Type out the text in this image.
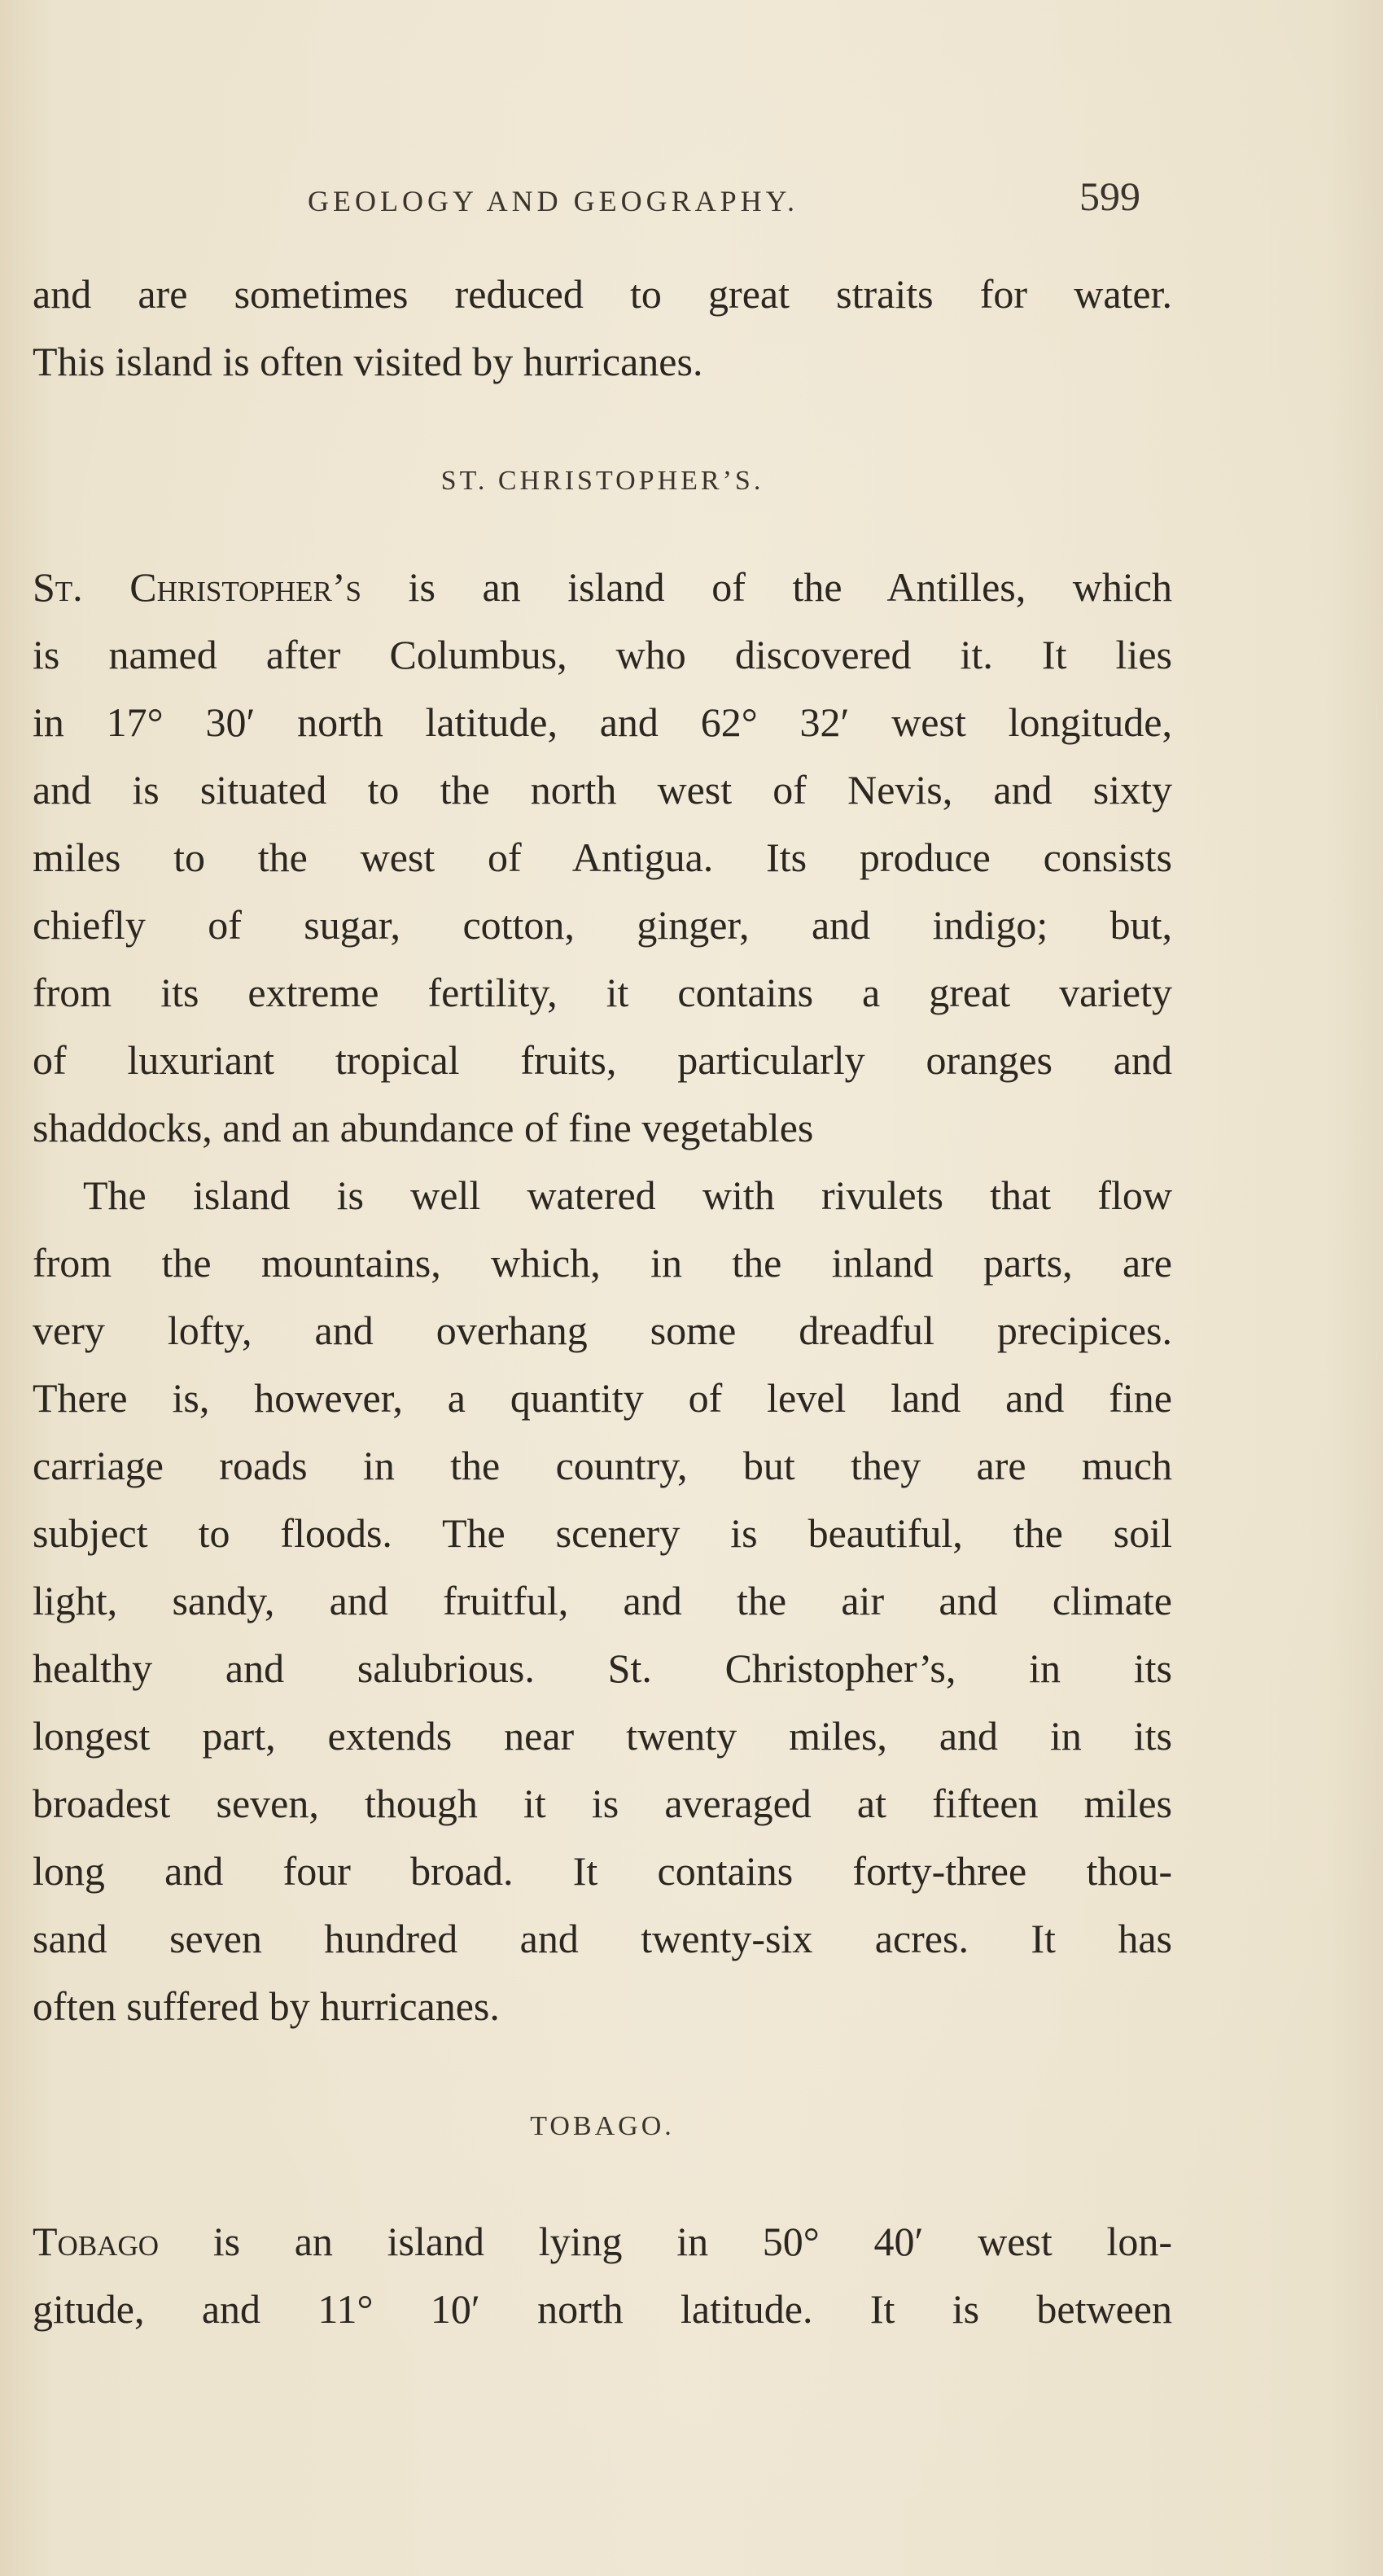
GEOLOGY AND GEOGRAPHY.	599
and are sometimes reduced to great straits for water.
This island is often visited by hurricanes.
ST. CHRISTOPHER’S.
St. Christopher’s is an island of the Antilles, which
is named after Columbus, who discovered it. It lies
in 17° 30′ north latitude, and 62° 32′ west longitude,
and is situated to the north west of Nevis, and sixty
miles to the west of Antigua. Its produce consists
chiefly of sugar, cotton, ginger, and indigo; but,
from its extreme fertility, it contains a great variety
of luxuriant tropical fruits, particularly oranges and
shaddocks, and an abundance of fine vegetables
The island is well watered with rivulets that flow
from the mountains, which, in the inland parts, are
very lofty, and overhang some dreadful precipices.
There is, however, a quantity of level land and fine
carriage roads in the country, but they are much
subject to floods. The scenery is beautiful, the soil
light, sandy, and fruitful, and the air and climate
healthy and salubrious. St. Christopher’s, in its
longest part, extends near twenty miles, and in its
broadest seven, though it is averaged at fifteen miles
long and four broad. It contains forty-three thou-
sand seven hundred and twenty-six acres. It has
often suffered by hurricanes.
TOBAGO.
Tobago is an island lying in 50° 40′ west lon-
gitude, and 11° 10′ north latitude. It is between
